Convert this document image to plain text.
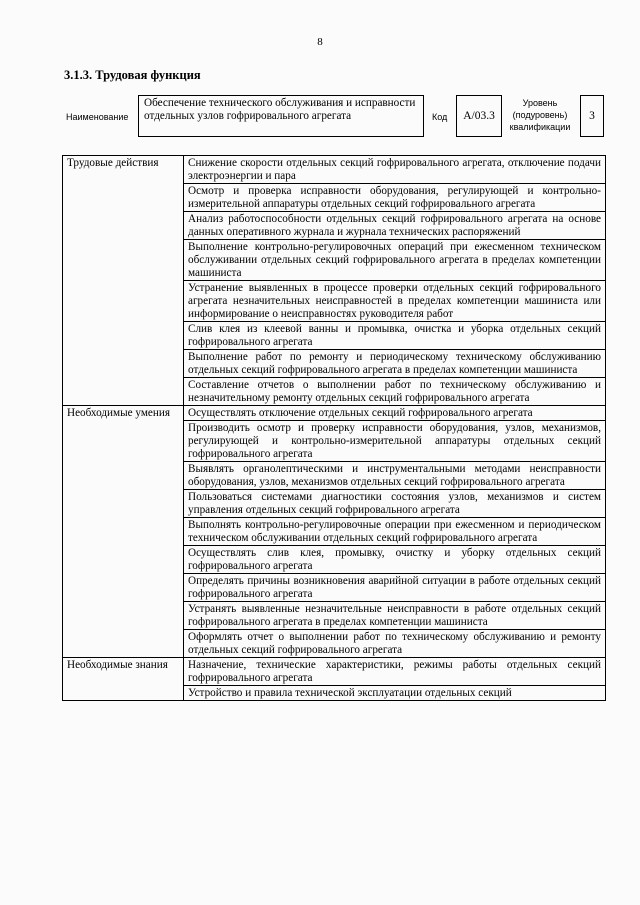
8
3.1.3. Трудовая функция
Наименование
Обеспечение технического обслуживания и исправности отдельных узлов гофрировального агрегата	Код	A/03.3
Уровень (подуровень) квалификации
3
Трудовые действия	Снижение скорости отдельных секций гофрировального агрегата, отключение подачи электроэнергии и пара
	Осмотр и проверка исправности оборудования, регулирующей и контрольно-измерительной аппаратуры отдельных секций гофрировального агрегата
	Анализ работоспособности отдельных секций гофрировального агрегата на основе данных оперативного журнала и журнала технических распоряжений
	Выполнение контрольно-регулировочных операций при ежесменном техническом обслуживании отдельных секций гофрировального агрегата в пределах компетенции машиниста
	Устранение выявленных в процессе проверки отдельных секций гофрировального агрегата незначительных неисправностей в пределах компетенции машиниста или информирование о неисправностях руководителя работ
	Слив клея из клеевой ванны и промывка, очистка и уборка отдельных секций гофрировального агрегата
	Выполнение работ по ремонту и периодическому техническому обслуживанию отдельных секций гофрировального агрегата в пределах компетенции машиниста
	Составление отчетов о выполнении работ по техническому обслуживанию и незначительному ремонту отдельных секций гофрировального агрегата
Необходимые умения	Осуществлять отключение отдельных секций гофрировального агрегата
	Производить осмотр и проверку исправности оборудования, узлов, механизмов, регулирующей и контрольно-измерительной аппаратуры отдельных секций гофрировального агрегата
	Выявлять органолептическими и инструментальными методами неисправности оборудования, узлов, механизмов отдельных секций гофрировального агрегата
	Пользоваться системами диагностики состояния узлов, механизмов и систем управления отдельных секций гофрировального агрегата
	Выполнять контрольно-регулировочные операции при ежесменном и периодическом техническом обслуживании отдельных секций гофрировального агрегата
	Осуществлять слив клея, промывку, очистку и уборку отдельных секций гофрировального агрегата
	Определять причины возникновения аварийной ситуации в работе отдельных секций гофрировального агрегата
	Устранять выявленные незначительные неисправности в работе отдельных секций гофрировального агрегата в пределах компетенции машиниста
	Оформлять отчет о выполнении работ по техническому обслуживанию и ремонту отдельных секций гофрировального агрегата
Необходимые знания	Назначение, технические характеристики, режимы работы отдельных секций гофрировального агрегата
	Устройство и правила технической эксплуатации отдельных секций
